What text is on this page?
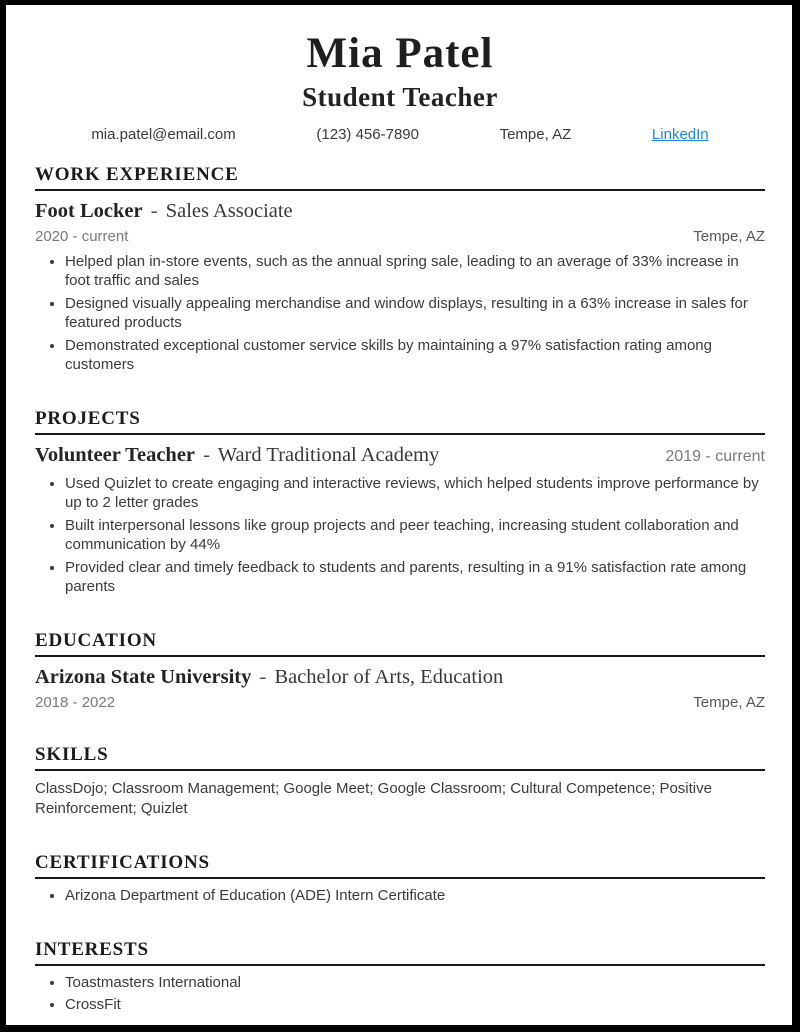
Mia Patel
Student Teacher
mia.patel@email.com	(123) 456-7890	Tempe, AZ	LinkedIn
WORK EXPERIENCE
Foot Locker - Sales Associate
2020 - current	Tempe, AZ
• Helped plan in-store events, such as the annual spring sale, leading to an average of 33% increase in foot traffic and sales
• Designed visually appealing merchandise and window displays, resulting in a 63% increase in sales for featured products
• Demonstrated exceptional customer service skills by maintaining a 97% satisfaction rating among customers
PROJECTS
Volunteer Teacher - Ward Traditional Academy	2019 - current
• Used Quizlet to create engaging and interactive reviews, which helped students improve performance by up to 2 letter grades
• Built interpersonal lessons like group projects and peer teaching, increasing student collaboration and communication by 44%
• Provided clear and timely feedback to students and parents, resulting in a 91% satisfaction rate among parents
EDUCATION
Arizona State University - Bachelor of Arts, Education
2018 - 2022	Tempe, AZ
SKILLS

ClassDojo; Classroom Management; Google Meet; Google Classroom; Cultural Competence; Positive Reinforcement; Quizlet

CERTIFICATIONS
• Arizona Department of Education (ADE) Intern Certificate
INTERESTS
• Toastmasters International
• CrossFit
